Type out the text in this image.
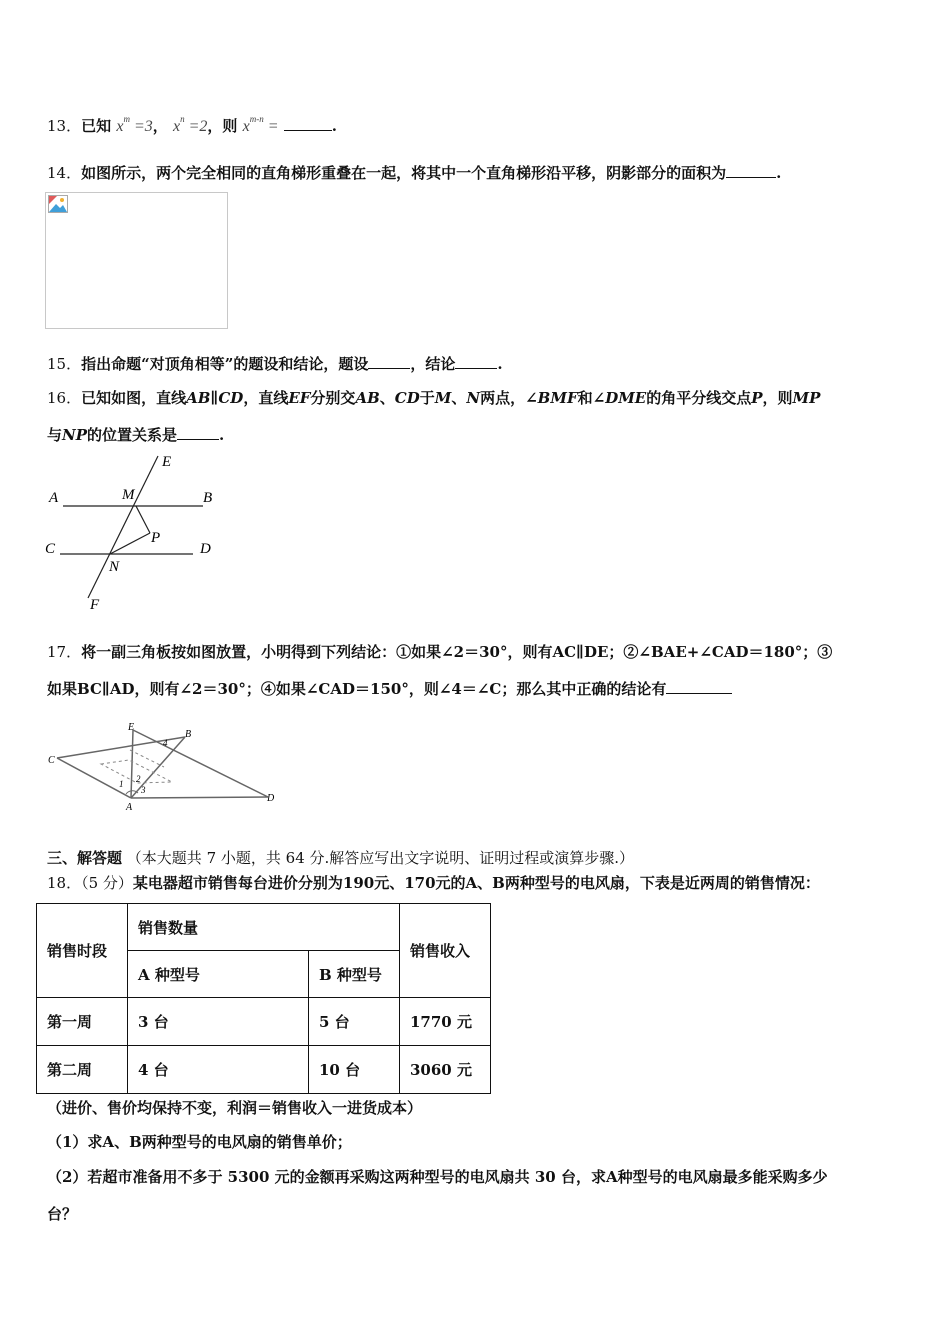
13．已知 $x^m =3$， $x^n =2$，则 $x^{m-n}$ =	.
14．如图所示，两个完全相同的直角梯形重叠在一起，将其中一个直角梯形沿平移，阴影部分的面积为	.
15．指出命题“对顶角相等”的题设和结论，题设	，结论	.
16．已知如图，直线AB∥CD，直线EF分别交AB、CD于M、N两点，∠BMF和∠DME的角平分线交点P，则MP
与NP的位置关系是	.
E
A	M	B
P
C	D
N
F
17．将一副三角板按如图放置，小明得到下列结论：①如果∠2＝30°，则有AC∥DE；②∠BAE+∠CAD＝180°；③
如果BC∥AD，则有∠2＝30°；④如果∠CAD＝150°，则∠4＝∠C；那么其中正确的结论有
E
B
C
A
D
1 2
3
4
三、解答题 （本大题共 7 小题，共 64 分.解答应写出文字说明、证明过程或演算步骤.）
18．（5 分）某电器超市销售每台进价分别为190元、170元的A、B两种型号的电风扇，下表是近两周的销售情况：
销售时段	销售数量		销售收入
	A 种型号	B 种型号	
第一周	3 台	5 台	1770 元
第二周	4 台	10 台	3060 元
（进价、售价均保持不变，利润＝销售收入一进货成本）
（1）求A、B两种型号的电风扇的销售单价；
（2）若超市准备用不多于 5300 元的金额再采购这两种型号的电风扇共 30 台，求A种型号的电风扇最多能采购多少
台？
